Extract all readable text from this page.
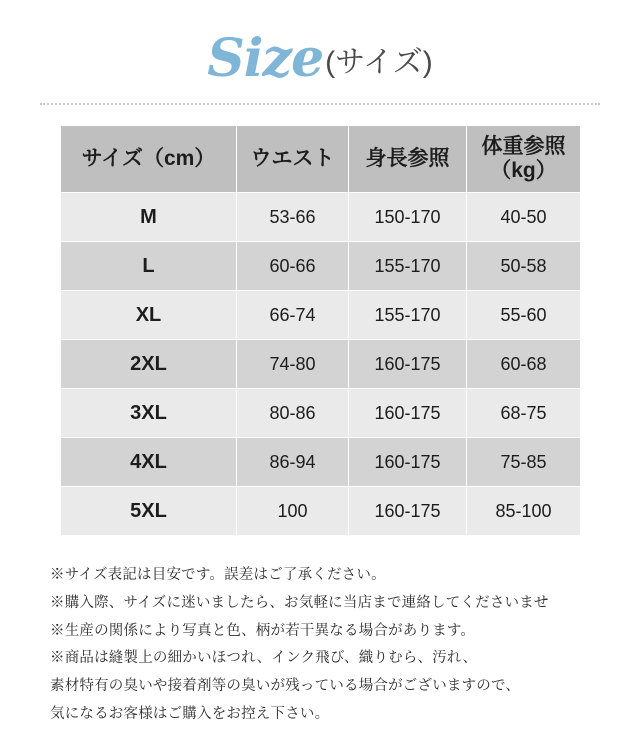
Size(サイズ)
サイズ（cm）	ウエスト	身長参照	体重参照
（kg）

M	53-66	150-170	40-50
L	60-66	155-170	50-58
XL	66-74	155-170	55-60
2XL	74-80	160-175	60-68
3XL	80-86	160-175	68-75
4XL	86-94	160-175	75-85
5XL	100	160-175	85-100
※サイズ表記は目安です。誤差はご了承ください。
※購入際、サイズに迷いましたら、お気軽に当店まで連絡してくださいませ
※生産の関係により写真と色、柄が若干異なる場合があります。
※商品は縫製上の細かいほつれ、インク飛び、織りむら、汚れ、
素材特有の臭いや接着剤等の臭いが残っている場合がございますので、
気になるお客様はご購入をお控え下さい。
